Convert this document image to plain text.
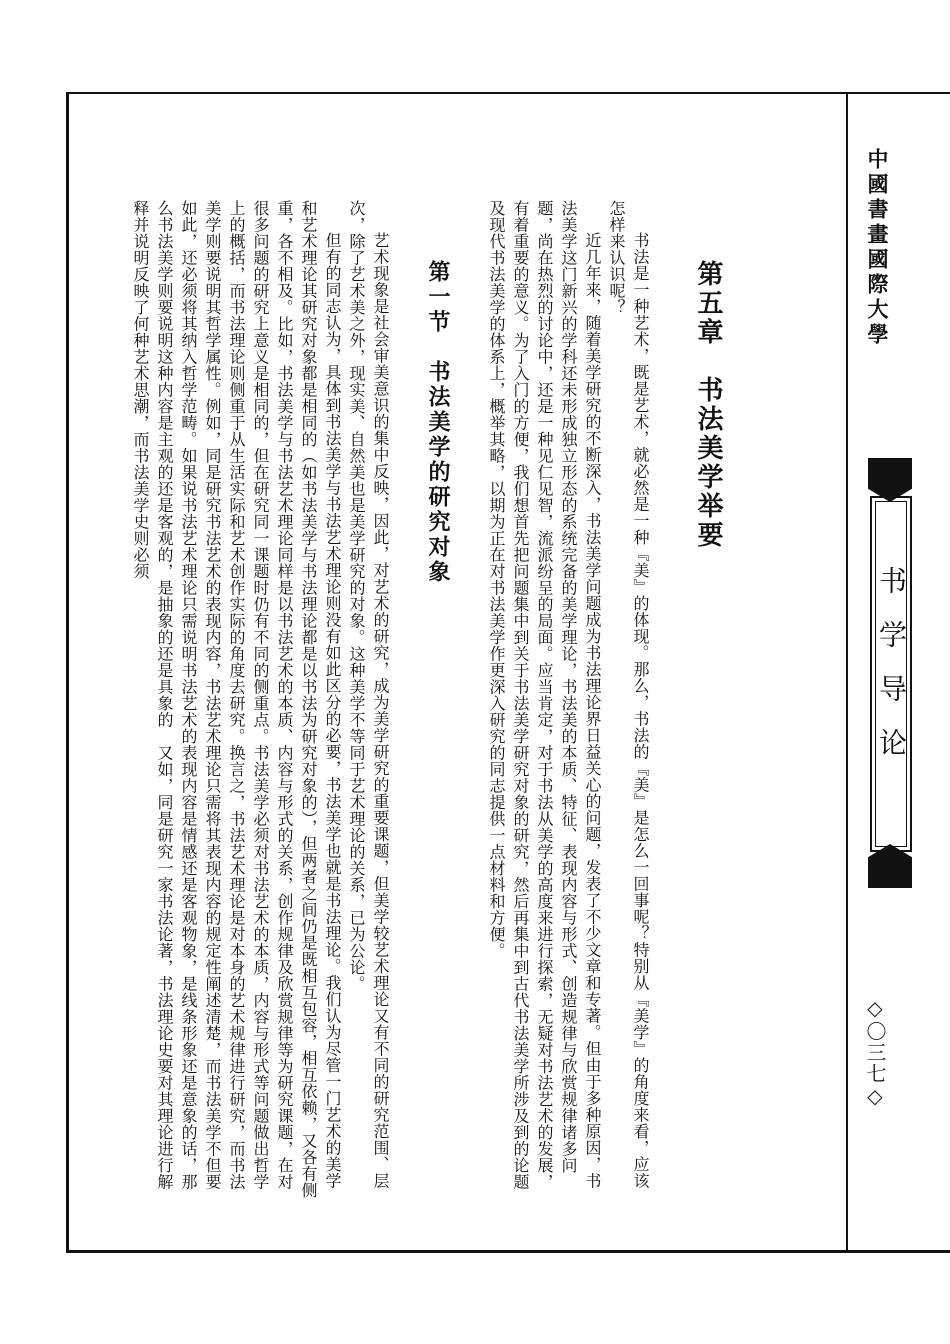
中國書畫國際大學
书学导论
◇〇三七◇
第五章　书法美学举要

书法是一种艺术，既是艺术，就必然是一种『美』的体现。那么，书法的『美』是怎么一回事呢？特别从『美学』的角度来看，应该怎样来认识呢？

近几年来，随着美学研究的不断深入，书法美学问题成为书法理论界日益关心的问题，发表了不少文章和专著。但由于多种原因，书法美学这门新兴的学科还未形成独立形态的系统完备的美学理论，书法美的本质、特征、表现内容与形式、创造规律与欣赏规律诸多问题，尚在热烈的讨论中，还是一种见仁见智，流派纷呈的局面。应当肯定，对于书法从美学的高度来进行探索，无疑对书法艺术的发展，有着重要的意义。为了入门的方便，我们想首先把问题集中到关于书法美学研究对象的研究，然后再集中到古代书法美学所涉及到的论题及现代书法美学的体系上，概举其略，以期为正在对书法美学作更深入研究的同志提供一点材料和方便。

第一节　书法美学的研究对象

艺术现象是社会审美意识的集中反映，因此，对艺术的研究，成为美学研究的重要课题，但美学较艺术理论又有不同的研究范围、层次，除了艺术美之外，现实美、自然美也是美学研究的对象。这种美学不等同于艺术理论的关系，已为公论。

但有的同志认为，具体到书法美学与书法艺术理论则没有如此区分的必要，书法美学也就是书法理论。我们认为尽管一门艺术的美学和艺术理论其研究对象都是相同的（如书法美学与书法理论都是以书法为研究对象的），但两者之间仍是既相互包容，相互依赖，又各有侧重，各不相及。比如，书法美学与书法艺术理论同样是以书法艺术的本质、内容与形式的关系，创作规律及欣赏规律等为研究课题，在对很多问题的研究上意义是相同的，但在研究同一课题时仍有不同的侧重点。书法美学必须对书法艺术的本质，内容与形式等问题做出哲学上的概括，而书法理论则侧重于从生活实际和艺术创作实际的角度去研究。换言之，书法艺术理论是对本身的艺术规律进行研究，而书法美学则要说明其哲学属性。例如，同是研究书法艺术的表现内容，书法艺术理论只需将其表现内容的规定性阐述清楚，而书法美学不但要如此，还必须将其纳入哲学范畴。如果说书法艺术理论只需说明书法艺术的表现内容是情感还是客观物象，是线条形象还是意象的话，那么书法美学则要说明这种内容是主观的还是客观的，是抽象的还是具象的　又如，同是研究一家书法论著，书法理论史要对其理论进行解释并说明反映了何种艺术思潮，而书法美学史则必须
